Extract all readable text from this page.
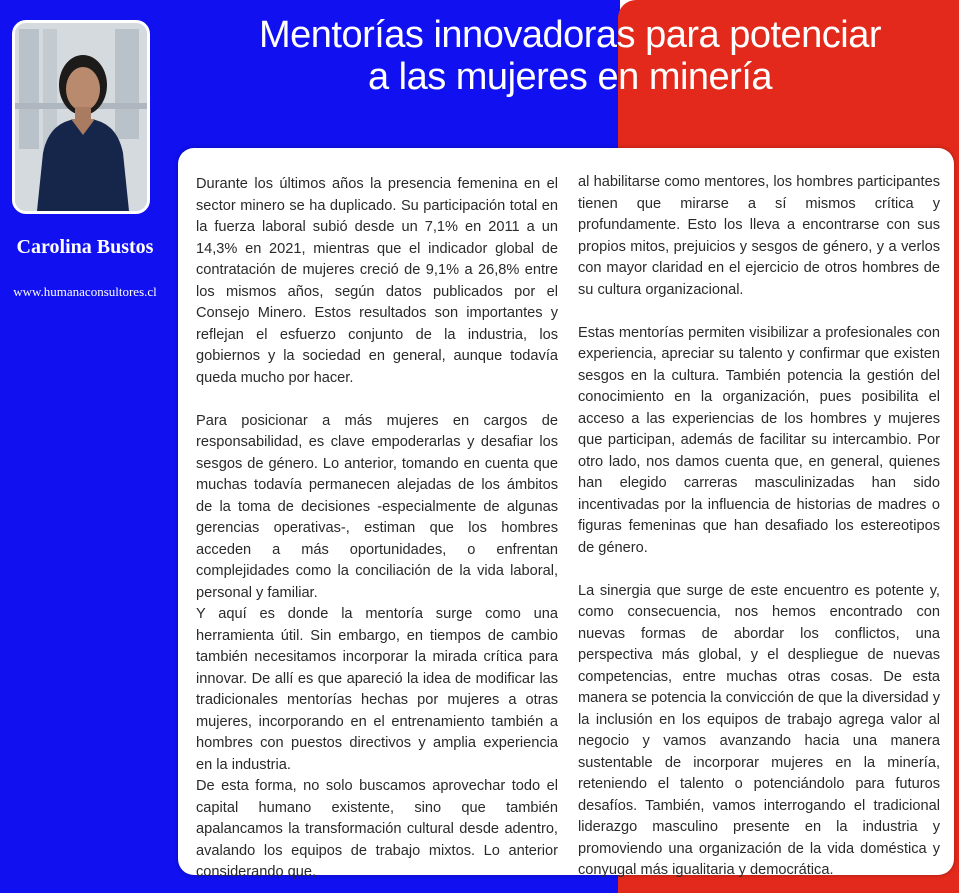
Carolina Bustos
www.humanaconsultores.cl
Mentorías innovadoras para potenciar
a las mujeres en minería

Durante los últimos años la presencia femenina en el sector minero se ha duplicado. Su participación total en la fuerza laboral subió desde un 7,1% en 2011 a un 14,3% en 2021, mientras que el indicador global de contratación de mujeres creció de 9,1% a 26,8% entre los mismos años, según datos publicados por el Consejo Minero. Estos resultados son importantes y reflejan el esfuerzo conjunto de la industria, los gobiernos y la sociedad en general, aunque todavía queda mucho por hacer.

Para posicionar a más mujeres en cargos de responsabilidad, es clave empoderarlas y desafiar los sesgos de género. Lo anterior, tomando en cuenta que muchas todavía permanecen alejadas de los ámbitos de la toma de decisiones -especialmente de algunas gerencias operativas-, estiman que los hombres acceden a más oportunidades, o enfrentan complejidades como la conciliación de la vida laboral, personal y familiar.

Y aquí es donde la mentoría surge como una herramienta útil. Sin embargo, en tiempos de cambio también necesitamos incorporar la mirada crítica para innovar. De allí es que apareció la idea de modificar las tradicionales mentorías hechas por mujeres a otras mujeres, incorporando en el entrenamiento también a hombres con puestos directivos y amplia experiencia en la industria.

De esta forma, no solo buscamos aprovechar todo el capital humano existente, sino que también apalancamos la transformación cultural desde adentro, avalando los equipos de trabajo mixtos. Lo anterior considerando que,

al habilitarse como mentores, los hombres participantes tienen que mirarse a sí mismos crítica y profundamente. Esto los lleva a encontrarse con sus propios mitos, prejuicios y sesgos de género, y a verlos con mayor claridad en el ejercicio de otros hombres de su cultura organizacional.

Estas mentorías permiten visibilizar a profesionales con experiencia, apreciar su talento y confirmar que existen sesgos en la cultura. También potencia la gestión del conocimiento en la organización, pues posibilita el acceso a las experiencias de los hombres y mujeres que participan, además de facilitar su intercambio. Por otro lado, nos damos cuenta que, en general, quienes han elegido carreras masculinizadas han sido incentivadas por la influencia de historias de madres o figuras femeninas que han desafiado los estereotipos de género.

La sinergia que surge de este encuentro es potente y, como consecuencia, nos hemos encontrado con nuevas formas de abordar los conflictos, una perspectiva más global, y el despliegue de nuevas competencias, entre muchas otras cosas. De esta manera se potencia la convicción de que la diversidad y la inclusión en los equipos de trabajo agrega valor al negocio y vamos avanzando hacia una manera sustentable de incorporar mujeres en la minería, reteniendo el talento o potenciándolo para futuros desafíos. También, vamos interrogando el tradicional liderazgo masculino presente en la industria y promoviendo una organización de la vida doméstica y conyugal más igualitaria y democrática.
